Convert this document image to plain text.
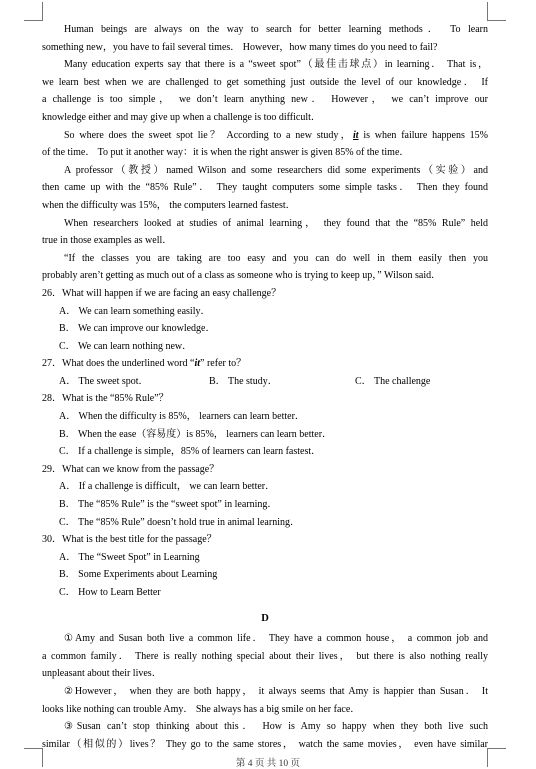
Human beings are always on the way to search for better learning methods． To learn
something new，you have to fail several times． However，how many times do you need to fail?
Many education experts say that there is a “sweet spot”（最佳击球点）in learning． That is，
we learn best when we are challenged to get something just outside the level of our knowledge． If
a challenge is too simple， we don’t learn anything new． However， we can’t improve our
knowledge either and may give up when a challenge is too difficult．
So where does the sweet spot lie？ According to a new study，it is when failure happens 15%
of the time． To put it another way：it is when the right answer is given 85% of the time．
A professor（教授）named Wilson and some researchers did some experiments（实验）and
then came up with the “85% Rule”． They taught computers some simple tasks． Then they found
when the difficulty was 15%， the computers learned fastest．
When researchers looked at studies of animal learning， they found that the “85% Rule” held
true in those examples as well．
“If the classes you are taking are too easy and you can do well in them easily then you
probably aren’t getting as much out of a class as someone who is trying to keep up，” Wilson said．
26．What will happen if we are facing an easy challenge？
A． We can learn something easily．
B． We can improve our knowledge．
C． We can learn nothing new．
27．What does the underlined word “it” refer to？
A． The sweet spot．	B． The study．	C． The challenge
28．What is the “85% Rule”？
A． When the difficulty is 85%， learners can learn better．
B． When the ease（容易度）is 85%， learners can learn better．
C． If a challenge is simple，85% of learners can learn fastest．
29．What can we know from the passage？
A． If a challenge is difficult， we can learn better．
B． The “85% Rule” is the “sweet spot” in learning．
C． The “85% Rule” doesn’t hold true in animal learning．
30．What is the best title for the passage？
A． The “Sweet Spot” in Learning
B． Some Experiments about Learning
C． How to Learn Better
D
①Amy and Susan both live a common life． They have a common house， a common job and
a common family． There is really nothing special about their lives， but there is also nothing really
unpleasant about their lives．
②However， when they are both happy， it always seems that Amy is happier than Susan． It
looks like nothing can trouble Amy． She always has a big smile on her face．
③Susan can’t stop thinking about this． How is Amy so happy when they both live such
similar（相似的）lives？ They go to the same stores， watch the same movies， even have similar
第 4 页 共 10 页
